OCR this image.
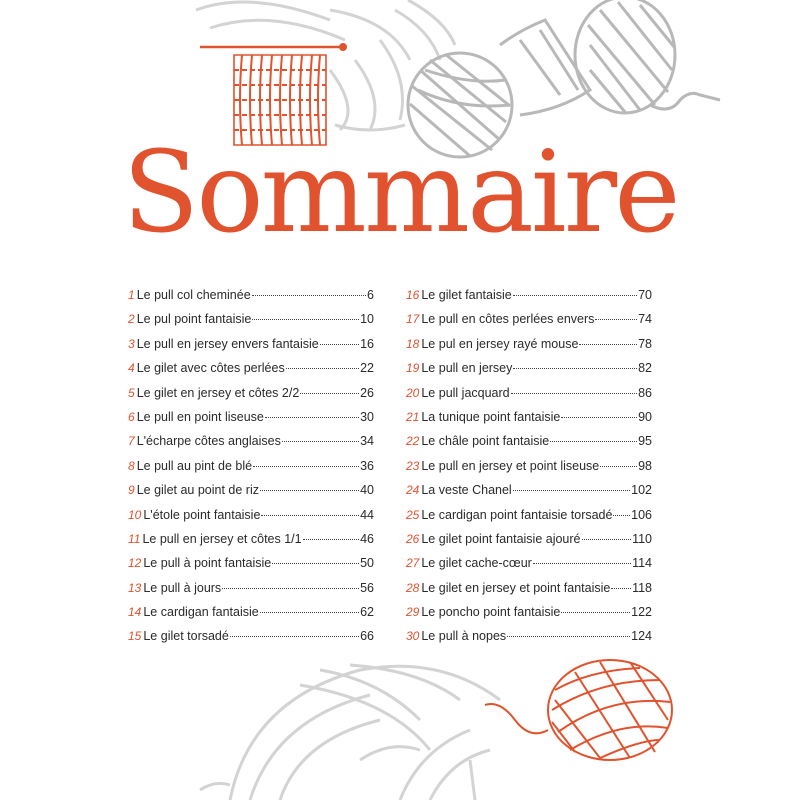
Sommaire
1 Le pull col cheminée	6
2 Le pul point fantaisie	10
3 Le pull en jersey envers fantaisie	16
4 Le gilet avec côtes perlées	22
5 Le gilet en jersey et côtes 2/2	26
6 Le pull en point liseuse	30
7 L'écharpe côtes anglaises	34
8 Le pull au pint de blé	36
9 Le gilet au point de riz	40
10 L'étole point fantaisie	44
11 Le pull en jersey et côtes 1/1	46
12 Le pull à point fantaisie	50
13 Le pull à jours	56
14 Le cardigan fantaisie	62
15 Le gilet torsadé	66
16 Le gilet fantaisie	70
17 Le pull en côtes perlées envers	74
18 Le pul en jersey rayé mouse	78
19 Le pull en jersey	82
20 Le pull jacquard	86
21 La tunique point fantaisie	90
22 Le châle point fantaisie	95
23 Le pull en jersey et point liseuse	98
24 La veste Chanel	102
25 Le cardigan point fantaisie torsadé 106
26 Le gilet point fantaisie ajouré	110
27 Le gilet cache-cœur	114
28 Le gilet en jersey et point fantaisie 118
29 Le poncho point fantaisie	122
30 Le pull à nopes	124
